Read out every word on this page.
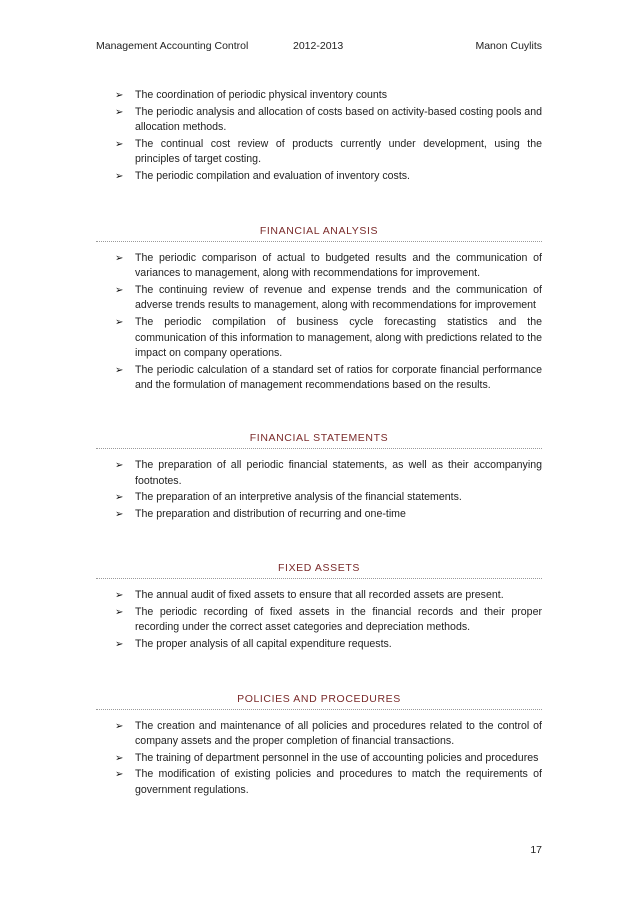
Management Accounting Control	2012-2013	Manon Cuylits
➢ The coordination of periodic physical inventory counts
➢ The periodic analysis and allocation of costs based on activity-based costing pools and allocation methods.
➢ The continual cost review of products currently under development, using the principles of target costing.
➢ The periodic compilation and evaluation of inventory costs.
FINANCIAL ANALYSIS
➢ The periodic comparison of actual to budgeted results and the communication of variances to management, along with recommendations for improvement.
➢ The continuing review of revenue and expense trends and the communication of adverse trends results to management, along with recommendations for improvement
➢ The periodic compilation of business cycle forecasting statistics and the communication of this information to management, along with predictions related to the impact on company operations.
➢ The periodic calculation of a standard set of ratios for corporate financial performance and the formulation of management recommendations based on the results.
FINANCIAL STATEMENTS
➢ The preparation of all periodic financial statements, as well as their accompanying footnotes.
➢ The preparation of an interpretive analysis of the financial statements.
➢ The preparation and distribution of recurring and one-time
FIXED ASSETS
➢ The annual audit of fixed assets to ensure that all recorded assets are present.
➢ The periodic recording of fixed assets in the financial records and their proper recording under the correct asset categories and depreciation methods.
➢ The proper analysis of all capital expenditure requests.
POLICIES AND PROCEDURES
➢ The creation and maintenance of all policies and procedures related to the control of company assets and the proper completion of financial transactions.
➢ The training of department personnel in the use of accounting policies and procedures
➢ The modification of existing policies and procedures to match the requirements of government regulations.
17
